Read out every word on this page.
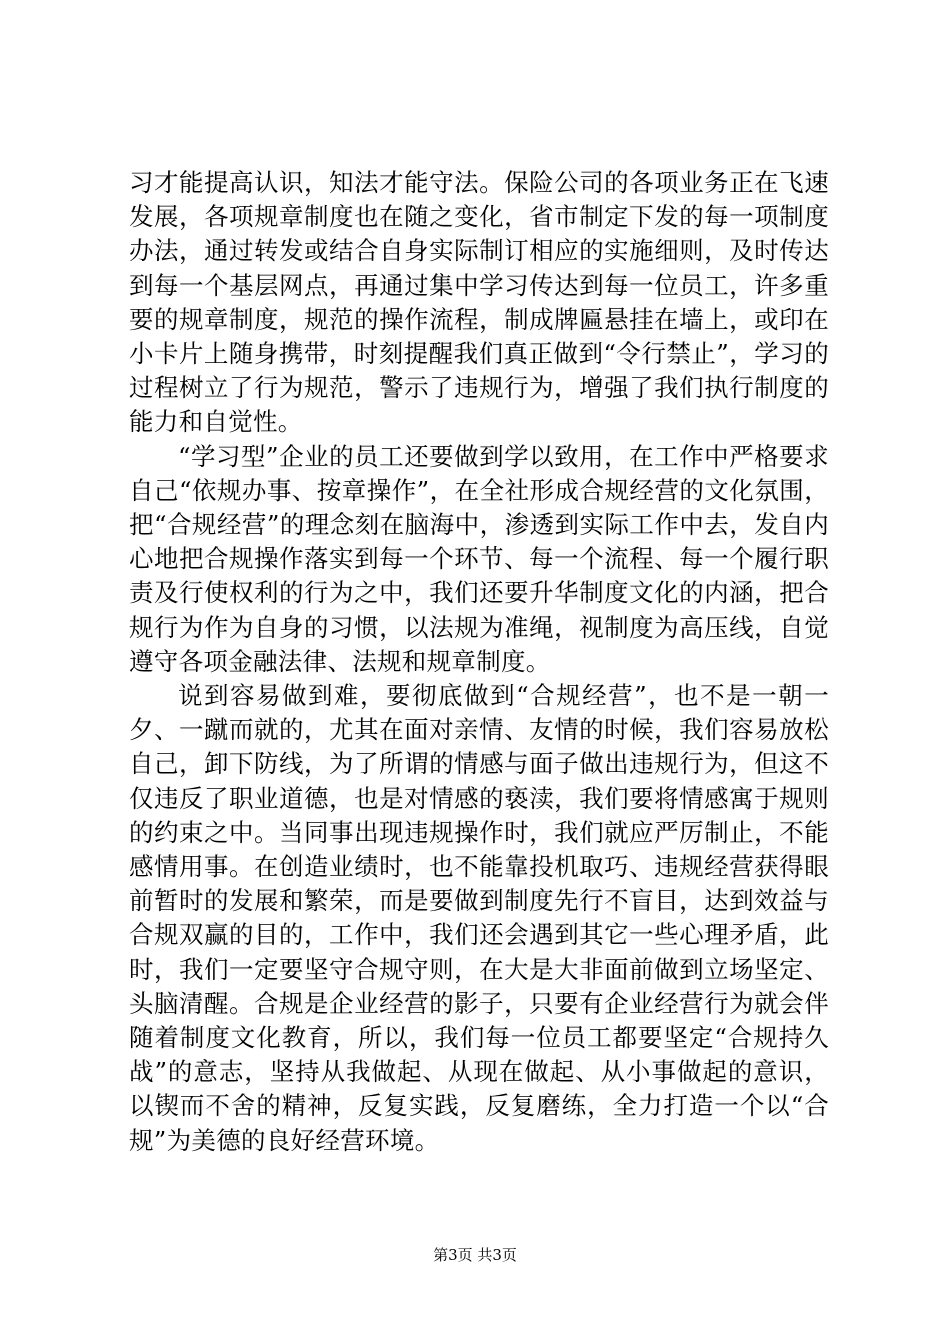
习才能提高认识，知法才能守法。保险公司的各项业务正在飞速发展，各项规章制度也在随之变化，省市制定下发的每一项制度办法，通过转发或结合自身实际制订相应的实施细则，及时传达到每一个基层网点，再通过集中学习传达到每一位员工，许多重要的规章制度，规范的操作流程，制成牌匾悬挂在墙上，或印在小卡片上随身携带，时刻提醒我们真正做到“令行禁止”，学习的过程树立了行为规范，警示了违规行为，增强了我们执行制度的能力和自觉性。

“学习型”企业的员工还要做到学以致用，在工作中严格要求自己“依规办事、按章操作”，在全社形成合规经营的文化氛围，把“合规经营”的理念刻在脑海中，渗透到实际工作中去，发自内心地把合规操作落实到每一个环节、每一个流程、每一个履行职责及行使权利的行为之中，我们还要升华制度文化的内涵，把合规行为作为自身的习惯，以法规为准绳，视制度为高压线，自觉遵守各项金融法律、法规和规章制度。

说到容易做到难，要彻底做到“合规经营”，也不是一朝一夕、一蹴而就的，尤其在面对亲情、友情的时候，我们容易放松自己，卸下防线，为了所谓的情感与面子做出违规行为，但这不仅违反了职业道德，也是对情感的亵渎，我们要将情感寓于规则的约束之中。当同事出现违规操作时，我们就应严厉制止，不能感情用事。在创造业绩时，也不能靠投机取巧、违规经营获得眼前暂时的发展和繁荣，而是要做到制度先行不盲目，达到效益与合规双赢的目的，工作中，我们还会遇到其它一些心理矛盾，此时，我们一定要坚守合规守则，在大是大非面前做到立场坚定、头脑清醒。合规是企业经营的影子，只要有企业经营行为就会伴随着制度文化教育，所以，我们每一位员工都要坚定“合规持久战”的意志，坚持从我做起、从现在做起、从小事做起的意识，以锲而不舍的精神，反复实践，反复磨练，全力打造一个以“合规”为美德的良好经营环境。

第3页 共3页
